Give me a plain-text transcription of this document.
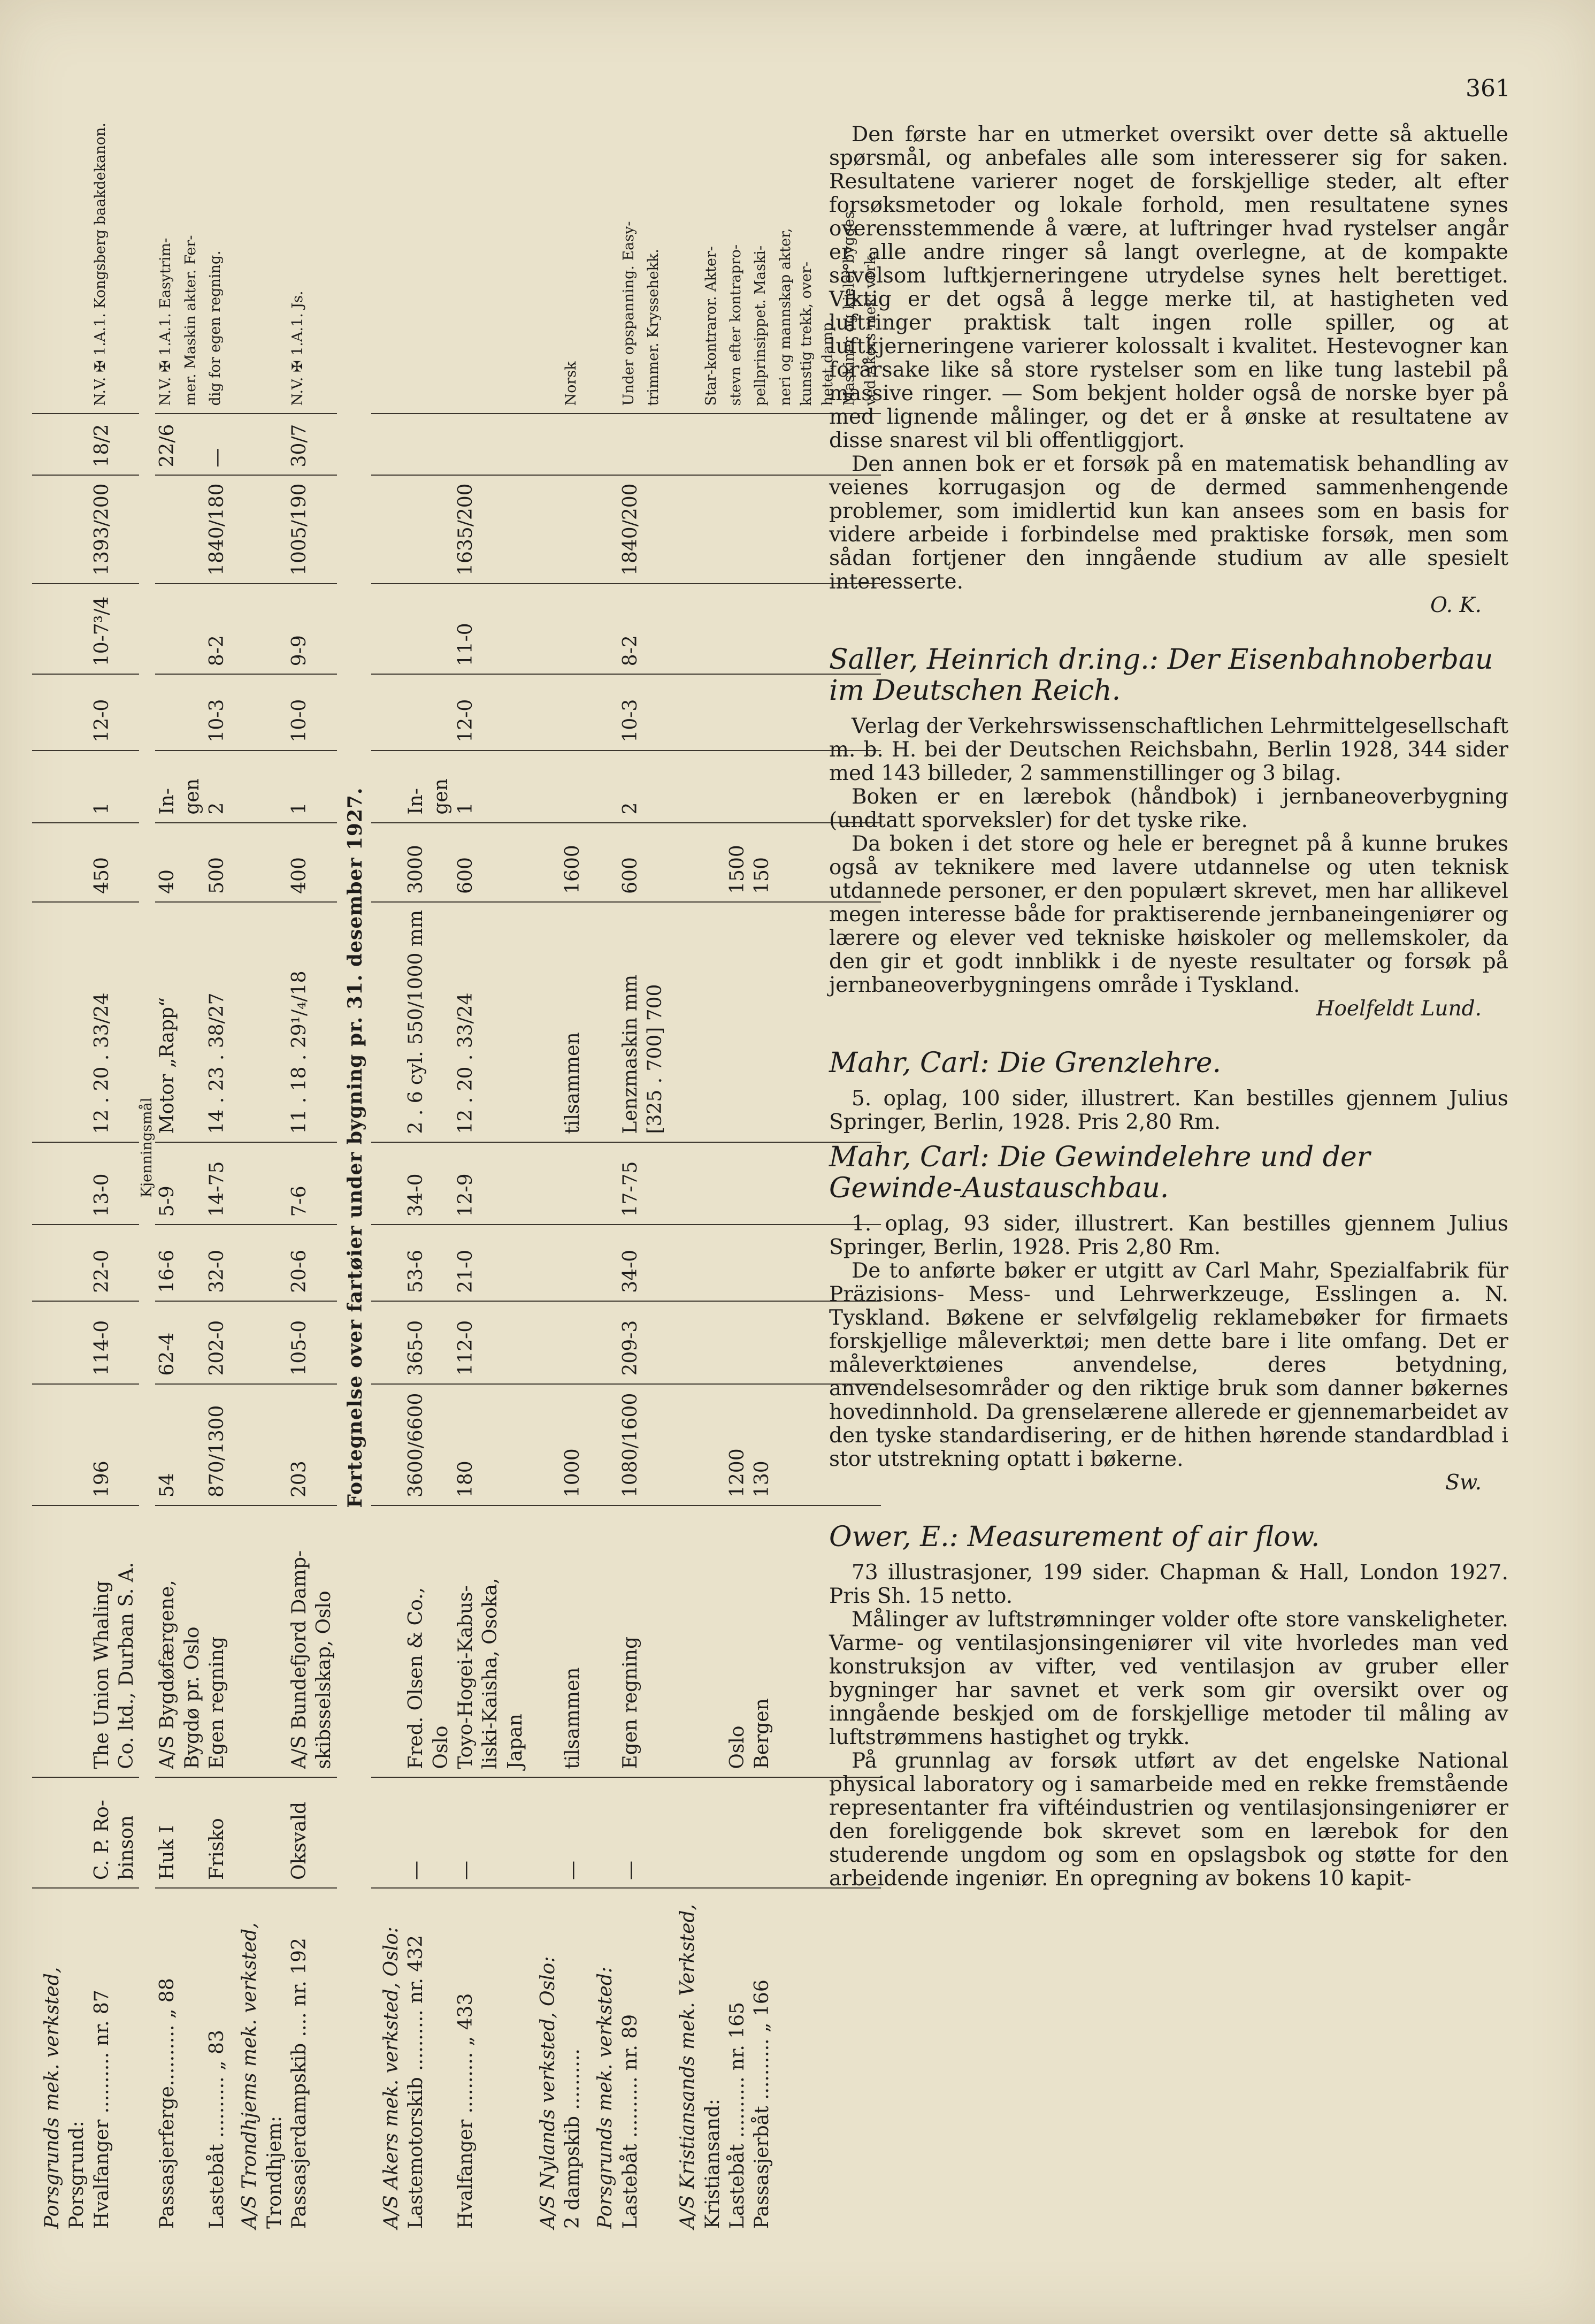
361
Porsgrunds mek. verksted,														
Porsgrund:														
Hvalfanger .......... nr. 87	C. P. Ro-	The Union Whaling	196	114-0	22-0	13-0	12 . 20 . 33/24	450	1	12-0	10-7³/4	1393/200	18/2	N.V. ✠ 1.A.1. Kongsberg baakdekanon.
	binson	Co. ltd., Durban S. A.												
Kjenningsmål														
Passasjerferge.......... „ 88	Huk I	A/S Bygdøfærgene,	54	62-4	16-6	5-9	Motor „Rapp“	40	In-				22/6	N.V. ✠ 1.A.1. Easytrim-
		Bygdø pr. Oslo							gen					mer. Maskin akter. Fer-
Lastebåt .......... „ 83	Frisko	Egen regning	870/1300	202-0	32-0	14-75	14 . 23 . 38/27	500	2	10-3	8-2	1840/180	—	dig for egen regning.
A/S Trondhjems mek. verksted,														
Trondhjem:														
Passasjerdampskib .... nr. 192	Oksvald	A/S Bundefjord Damp-	203	105-0	20-6	7-6	11 . 18 . 29¹/₄/18	400	1	10-0	9-9	1005/190	30/7	N.V. ✠ 1.A.1. Js.
		skibsselskap, Oslo												
Fortegnelse over fartøier under bygning pr. 31. desember 1927.														
A/S Akers mek. verksted, Oslo:														
Lastemotorskib .......... nr. 432	—	Fred. Olsen & Co.,	3600/6600	365-0	53-6	34-0	2 . 6 cyl. 550/1000 mm	3000	In-					
		Oslo							gen					
Hvalfanger .......... „ 433	—	Toyo-Hogei-Kabus-	180	112-0	21-0	12-9	12 . 20 . 33/24	600	1	12-0	11-0	1635/200		
		liski-Kaisha, Osoka,												
		Japan												
A/S Nylands verksted, Oslo:														
2 dampskib ..........	—	tilsammen	1000				tilsammen	1600						Norsk
Porsgrunds mek. verksted:														
Lastebåt .......... nr. 89	—	Egen regning	1080/1600	209-3	34-0	17-75	Lenzmaskin mm	600	2	10-3	8-2	1840/200		Under opspanning. Easy-
							[325 . 700] 700							trimmer. Kryssehekk.
A/S Kristiansands mek. Verksted,														
Kristiansand:														Star-kontraror. Akter-
Lastebåt .......... nr. 165		Oslo	1200					1500						stevn efter kontrapro-
Passasjerbåt .......... „ 166		Bergen	130					150						pellprinsippet. Maski-
														neri og mannskap akter,
														kunstig trekk, over-
														hetet damp.
														Maskiner og kjeler bygges
														ved Akers mek. verk.

Den første har en utmerket oversikt over dette så aktuelle spørsmål, og anbefales alle som interesserer sig for saken. Resultatene varierer noget de forskjellige steder, alt efter forsøksmetoder og lokale forhold, men resultatene synes overensstemmende å være, at luftringer hvad rystelser angår er alle andre ringer så langt overlegne, at de kompakte såvelsom luftkjerneringene utrydelse synes helt berettiget. Viktig er det også å legge merke til, at hastigheten ved luftringer praktisk talt ingen rolle spiller, og at luftkjerneringene varierer kolossalt i kvalitet. Hestevogner kan forårsake like så store rystelser som en like tung lastebil på massive ringer. — Som bekjent holder også de norske byer på med lignende målinger, og det er å ønske at resultatene av disse snarest vil bli offentliggjort.

Den annen bok er et forsøk på en matematisk behandling av veienes korrugasjon og de dermed sammenhengende problemer, som imidlertid kun kan ansees som en basis for videre arbeide i forbindelse med praktiske forsøk, men som sådan fortjener den inngående studium av alle spesielt interesserte.

O. K.

Saller, Heinrich dr.ing.: Der Eisenbahnoberbau im Deutschen Reich.

Verlag der Verkehrswissenschaftlichen Lehrmittelgesellschaft m. b. H. bei der Deutschen Reichsbahn, Berlin 1928, 344 sider med 143 billeder, 2 sammenstillinger og 3 bilag.

Boken er en lærebok (håndbok) i jernbaneoverbygning (undtatt sporveksler) for det tyske rike.

Da boken i det store og hele er beregnet på å kunne brukes også av teknikere med lavere utdannelse og uten teknisk utdannede personer, er den populært skrevet, men har allikevel megen interesse både for praktiserende jernbaneingeniører og lærere og elever ved tekniske høiskoler og mellemskoler, da den gir et godt innblikk i de nyeste resultater og forsøk på jernbaneoverbygningens område i Tyskland.

Hoelfeldt Lund.

Mahr, Carl: Die Grenzlehre.

5. oplag, 100 sider, illustrert. Kan bestilles gjennem Julius Springer, Berlin, 1928. Pris 2,80 Rm.

Mahr, Carl: Die Gewindelehre und der Gewinde-Austauschbau.

1. oplag, 93 sider, illustrert. Kan bestilles gjennem Julius Springer, Berlin, 1928. Pris 2,80 Rm.

De to anførte bøker er utgitt av Carl Mahr, Spezialfabrik für Präzisions- Mess- und Lehrwerkzeuge, Esslingen a. N. Tyskland. Bøkene er selvfølgelig reklamebøker for firmaets forskjellige måleverktøi; men dette bare i lite omfang. Det er måleverktøienes anvendelse, deres betydning, anvendelsesområder og den riktige bruk som danner bøkernes hovedinnhold. Da grenselærene allerede er gjennemarbeidet av den tyske standardisering, er de hithen hørende standardblad i stor utstrekning optatt i bøkerne.

Sw.

Ower, E.: Measurement of air flow.

73 illustrasjoner, 199 sider. Chapman & Hall, London 1927. Pris Sh. 15 netto.

Målinger av luftstrømninger volder ofte store vanskeligheter. Varme- og ventilasjonsingeniører vil vite hvorledes man ved konstruksjon av vifter, ved ventilasjon av gruber eller bygninger har savnet et verk som gir oversikt over og inngående beskjed om de forskjellige metoder til måling av luftstrømmens hastighet og trykk.

På grunnlag av forsøk utført av det engelske National physical laboratory og i samarbeide med en rekke fremstående representanter fra viftéindustrien og ventilasjonsingeniører er den foreliggende bok skrevet som en lærebok for den studerende ungdom og som en opslagsbok og støtte for den arbeidende ingeniør. En opregning av bokens 10 kapit-
